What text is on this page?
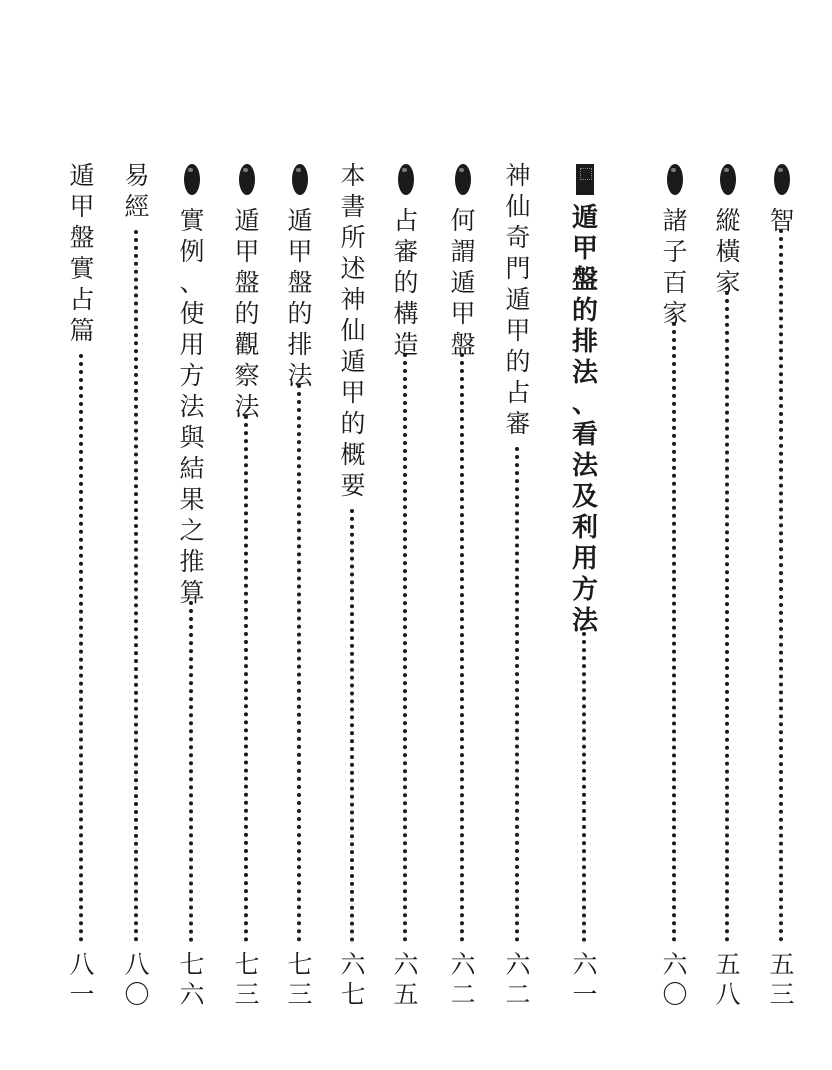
智
五
三
縱
橫
家
五
八
諸
子
百
家
六
〇
遁
甲
盤
的
排
法
、
看
法
及
利
用
方
法
六
一
神
仙
奇
門
遁
甲
的
占
審
六
二
何
謂
遁
甲
盤
六
二
占
審
的
構
造
六
五
本
書
所
述
神
仙
遁
甲
的
概
要
六
七
遁
甲
盤
的
排
法
七
三
遁
甲
盤
的
觀
察
法
七
三
實
例
、
使
用
方
法
與
結
果
之
推
算
七
六
易
經
八
〇
遁
甲
盤
實
占
篇
八
一
